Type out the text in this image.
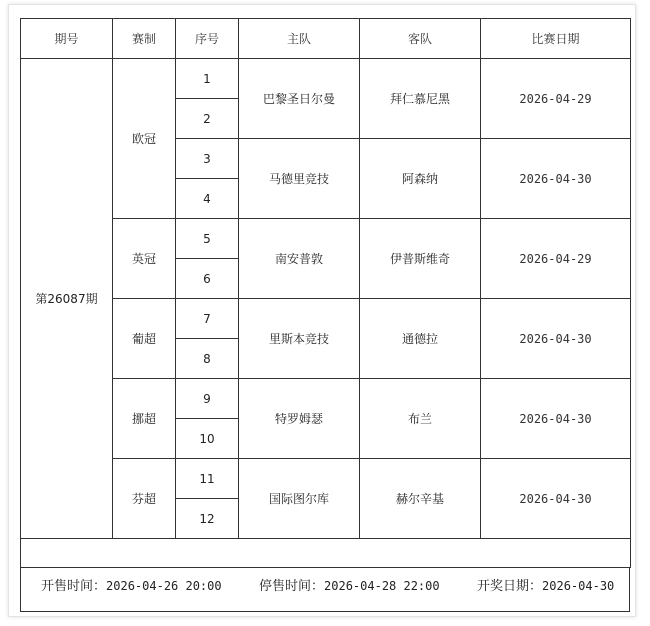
期号	赛制	序号	主队	客队	比赛日期
第26087期	欧冠	1	巴黎圣日尔曼	拜仁慕尼黑	2026-04-29
		2			
		3	马德里竞技	阿森纳	2026-04-30
		4			
	英冠	5	南安普敦	伊普斯维奇	2026-04-29
		6			
	葡超	7	里斯本竞技	通德拉	2026-04-30
		8			
	挪超	9	特罗姆瑟	布兰	2026-04-30
		10			
	芬超	11	国际图尔库	赫尔辛基	2026-04-30
		12			

开售时间：2026-04-26 20:00	停售时间：2026-04-28 22:00	开奖日期：2026-04-30
